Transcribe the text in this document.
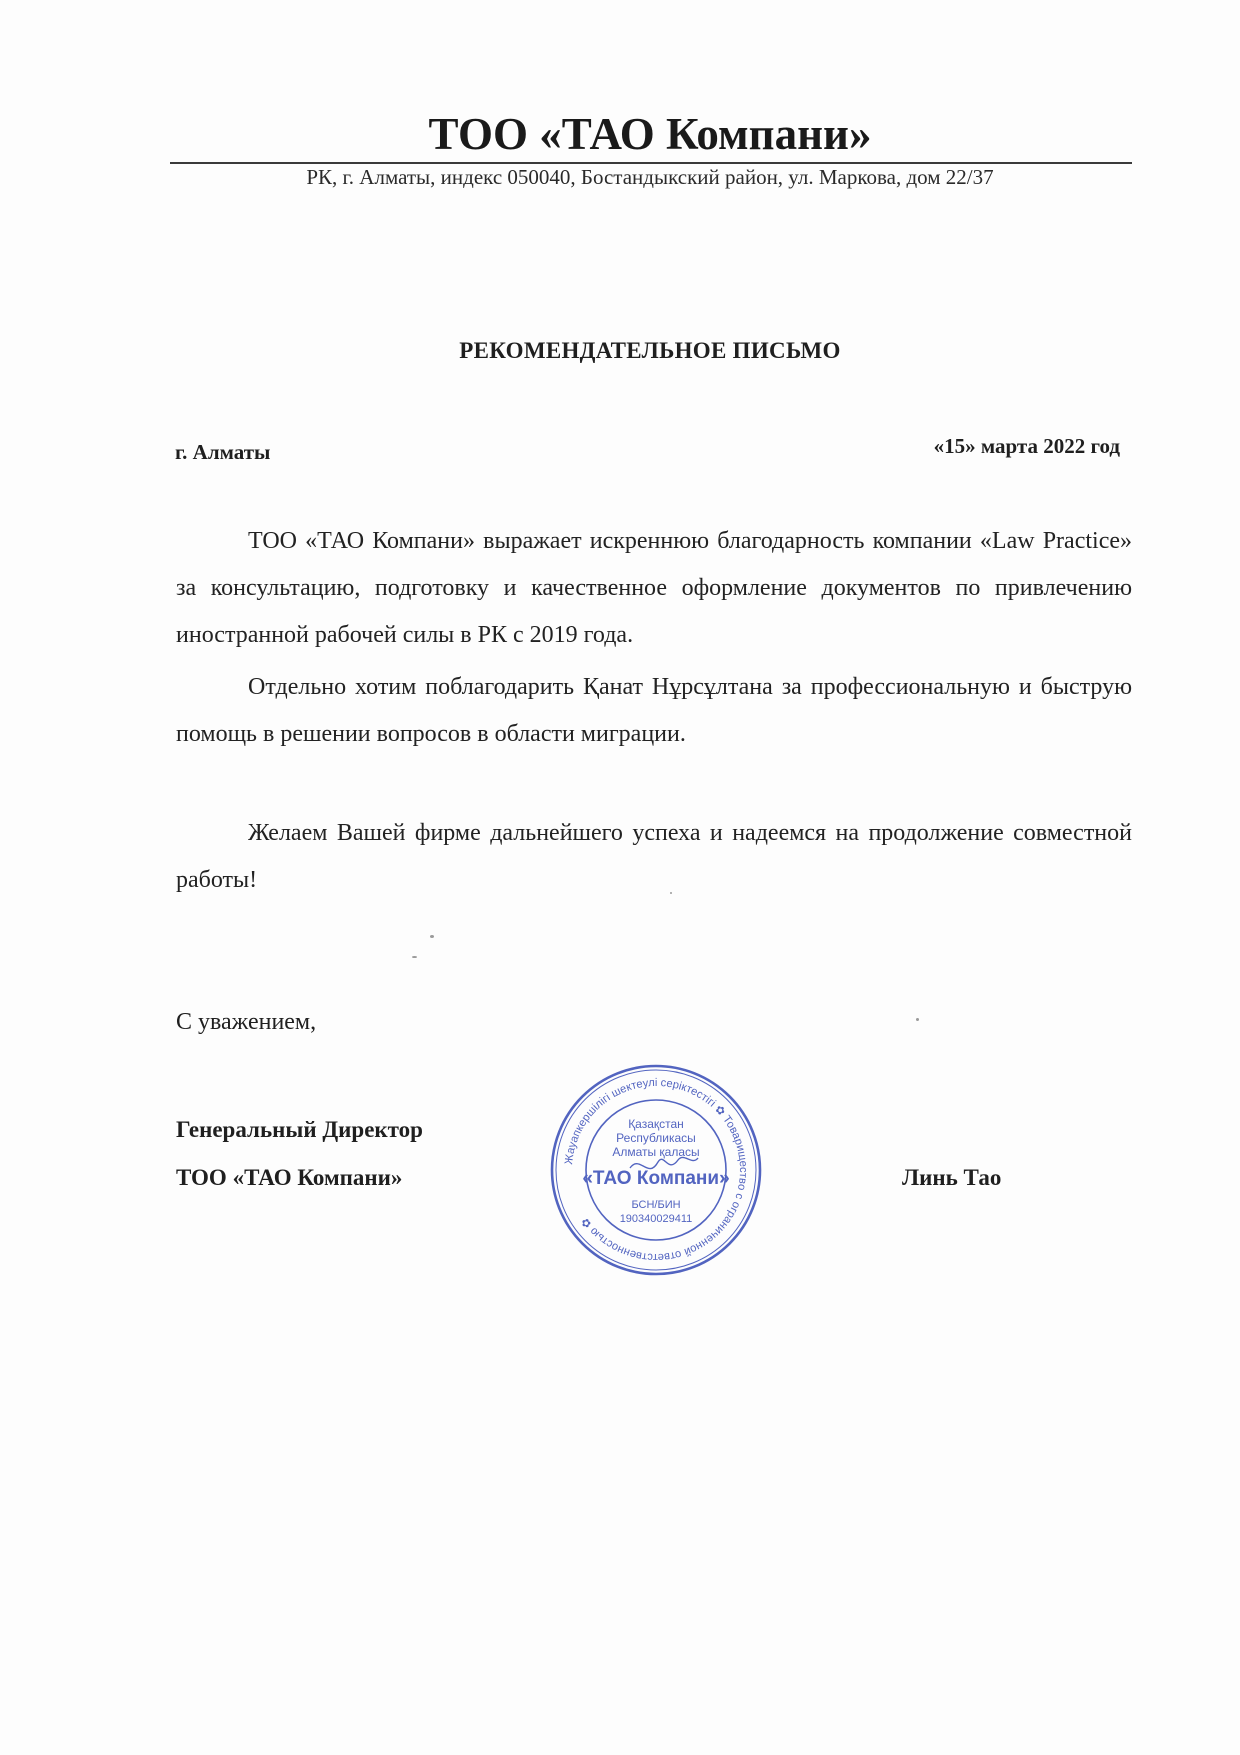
ТОО «ТАО Компани»
РК, г. Алматы, индекс 050040, Бостандыкский район, ул. Маркова, дом 22/37
РЕКОМЕНДАТЕЛЬНОЕ ПИСЬМО
г. Алматы	«15» марта 2022 год

ТОО «ТАО Компани» выражает искреннюю благодарность компании «Law Practice» за консультацию, подготовку и качественное оформление документов по привлечению иностранной рабочей силы в РК с 2019 года.

Отдельно хотим поблагодарить Қанат Нұрсұлтана за профессиональную и быструю помощь в решении вопросов в области миграции.

Желаем Вашей фирме дальнейшего успеха и надеемся на продолжение совместной работы!

С уважением,
Генеральный Директор
ТОО «ТАО Компани»	Линь Тао
Жауапкершілігі шектеулі серіктестігі ✿ Товарищество с ограниченной ответственностью ✿
Қазақстан
Республикасы
Алматы қаласы
«ТАО Компани»
БСН/БИН
190340029411
